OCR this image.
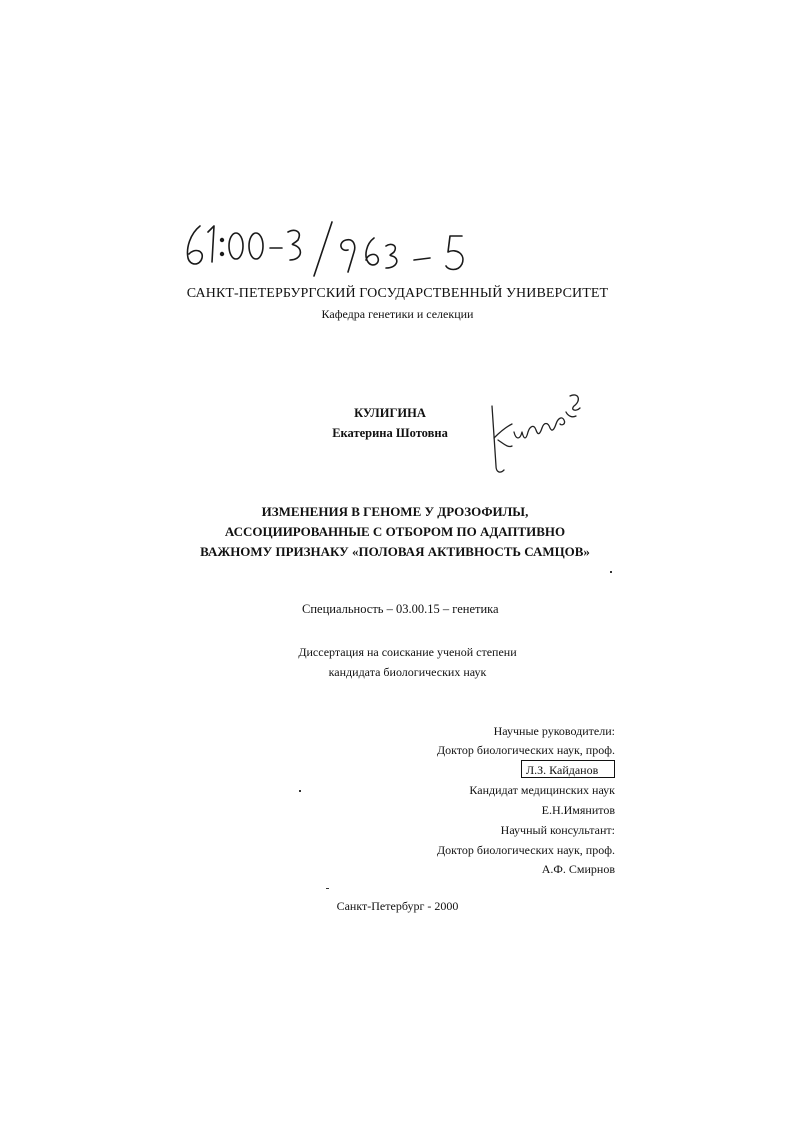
САНКТ-ПЕТЕРБУРГСКИЙ ГОСУДАРСТВЕННЫЙ УНИВЕРСИТЕТ
Кафедра генетики и селекции
КУЛИГИНА
Екатерина Шотовна
ИЗМЕНЕНИЯ В ГЕНОМЕ У ДРОЗОФИЛЫ, АССОЦИИРОВАННЫЕ С ОТБОРОМ ПО АДАПТИВНО ВАЖНОМУ ПРИЗНАКУ «ПОЛОВАЯ АКТИВНОСТЬ САМЦОВ»
Специальность – 03.00.15 – генетика
Диссертация на соискание ученой степени
кандидата биологических наук
Научные руководители:
Доктор биологических наук, проф.
Л.З. Кайданов
Кандидат медицинских наук
Е.Н.Имянитов
Научный консультант:
Доктор биологических наук, проф.
А.Ф. Смирнов
Санкт-Петербург - 2000
